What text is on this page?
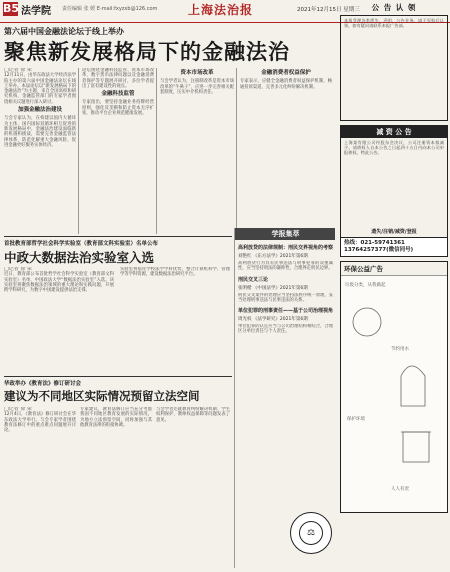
B5 法学院 责任编辑 张 媛 E-mail:fxyzxb@126.com	上海法治报	2021年12月15日 星期三
第六届中国金融法论坛于线上举办
聚焦新发展格局下的金融法治
□记者 徐 荣
12月11日，由华东政法大学经济法学院主办的第六届中国金融法论坛在线上举办。本届论坛以“新发展格局下的金融法治”为主题，来自全国高校和研究机构、金融监管部门的专家学者围绕相关议题进行深入研讨。
加强金融法治建设
与会专家认为，在构建以国内大循环为主体、国内国际双循环相互促进的新发展格局中，金融法治建设面临新的机遇和挑战，需要完善金融监管法律体系，防范化解重大金融风险，促进金融更好服务实体经济。
论坛围绕金融科技监管、资本市场改革、数字货币法律问题以及金融消费者保护等专题展开研讨，多位学者提出了富有建设性的观点。
金融科技监管
专家指出，要坚持金融业务持牌经营原则，强化反垄断和防止资本无序扩张，推动平台企业规范健康发展。
资本市场改革
与会学者认为，注册制改革是资本市场改革的“牛鼻子”，应进一步完善相关配套制度，压实中介机构责任。
金融消费者权益保护
专家表示，应健全金融消费者权益保护机制，畅通投诉渠道，完善多元化纠纷解决机制。
首批教育部哲学社会科学实验室（教育部文科实验室）名单公布
中政大数据法治实验室入选
□记者 徐 荣
近日，教育部公布首批哲学社会科学实验室（教育部文科实验室）名单，中国政法大学“数据法治实验室”入选。该实验室将聚焦数据法治领域的重大理论和实践问题，开展跨学科研究，为数字中国建设提供法治支撑。
实验室将依托学校法学学科优势，整合计算机科学、管理学等学科资源，建设数据法治研究平台。
华政举办《教育法》修订研讨会
建议为不同地区实际情况预留立法空间
□记者 徐 荣
12月4日，《教育法》修订研讨会在华东政法大学举行。与会专家学者围绕教育法修订中的重点难点问题展开讨论。
专家建议，教育法修订应当充分考虑我国不同地区教育发展的实际情况，为地方立法预留空间，同时加强与其他教育法律的衔接协调。
与会学者还就教育纠纷解决机制、学生权利保护、教师权益保障等问题发表了意见。
学报集萃
高利放贷的法律规制：刑民交界视角的考察
刘艳红 《东方法学》2021年第6期
高利放贷行为具有民事违法与刑事犯罪的双重属性，应当坚持刑法的谦抑性，合理界定刑民边界。
刑民交叉三论
张明楷 《中国法学》2021年第6期
刑民交叉案件的处理应当坚持法秩序统一原理，妥当处理刑事违法与民事违法的关系。
单位犯罪的刑事责任——基于公司治理视角
周光权 《法学研究》2021年第6期
单位犯罪的认定应当与公司治理结构相结合，合理区分单位责任与个人责任。
⚖
公 告 认 领
本报受理各类遗失、声明、公告业务。请于见报后认领，如有疑问请联系本报广告部。
减 资 公 告
上海某有限公司经股东会决议，公司注册资本拟减少。请债权人自本公告之日起四十五日内向本公司申报债权。特此公告。
遗失/注销/减资/登报
热线：021-59741361 13764257377(微信同号)
环保公益广告
垃圾分类，从我做起
节约用水
保护环境
人人有责
